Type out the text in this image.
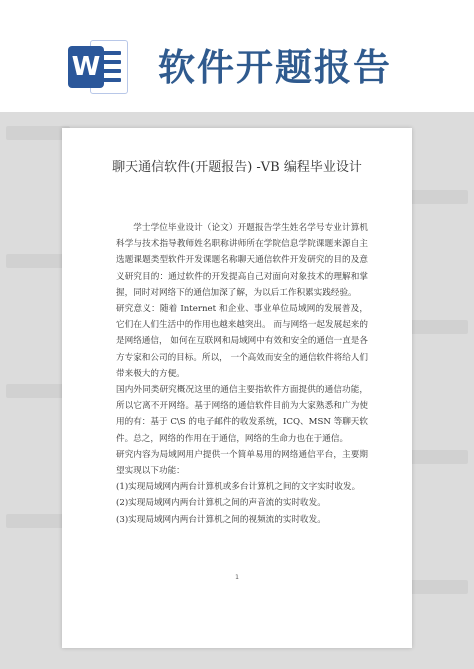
W 软件开题报告
聊天通信软件(开题报告) -VB 编程毕业设计

学士学位毕业设计（论文）开题报告学生姓名学号专业计算机科学与技术指导教师姓名职称讲师所在学院信息学院课题来源自主选题课题类型软件开发课题名称聊天通信软件开发研究的目的及意义研究目的：通过软件的开发提高自己对面向对象技术的理解和掌握，同时对网络下的通信加深了解，为以后工作积累实践经验。

研究意义：随着 Internet 和企业、事业单位局域网的发展普及，它们在人们生活中的作用也越来越突出。 而与网络一起发展起来的是网络通信， 如何在互联网和局域网中有效和安全的通信一直是各方专家和公司的目标。所以， 一个高效而安全的通信软件将给人们带来极大的方便。

国内外同类研究概况这里的通信主要指软件方面提供的通信功能，所以它离不开网络。基于网络的通信软件目前为大家熟悉和广为使用的有：基于 C\S 的电子邮件的收发系统，ICQ、MSN 等聊天软件。总之，网络的作用在于通信，网络的生命力也在于通信。

研究内容为局域网用户提供一个简单易用的网络通信平台，主要期望实现以下功能：

(1)实现局域网内两台计算机或多台计算机之间的文字实时收发。

(2)实现局域网内两台计算机之间的声音流的实时收发。

(3)实现局域网内两台计算机之间的视频流的实时收发。

1
